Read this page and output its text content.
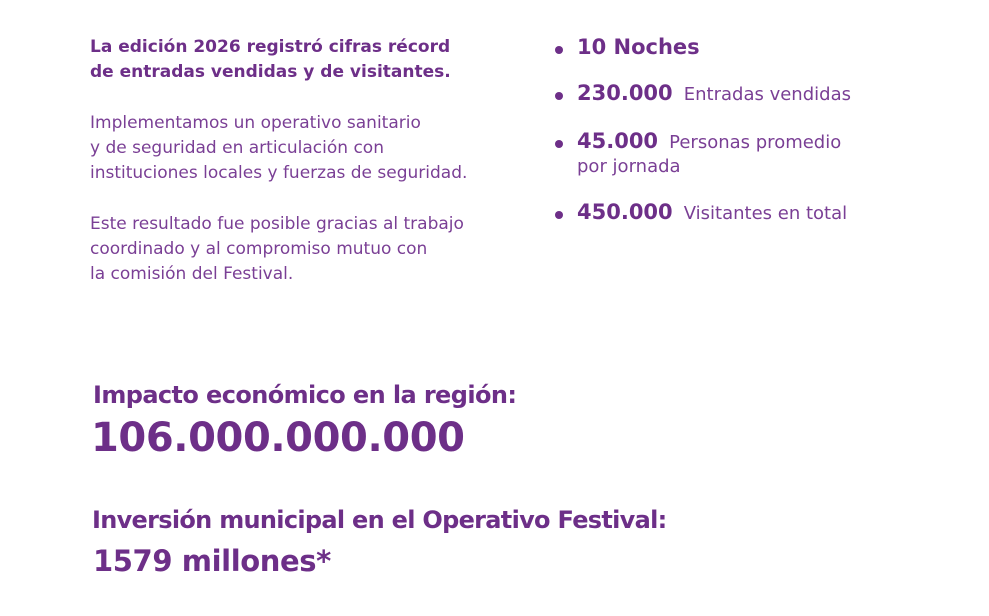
La edición 2026 registró cifras récord
de entradas vendidas y de visitantes.

Implementamos un operativo sanitario
y de seguridad en articulación con
instituciones locales y fuerzas de seguridad.

Este resultado fue posible gracias al trabajo
coordinado y al compromiso mutuo con
la comisión del Festival.

10 Noches
230.000 Entradas vendidas
45.000 Personas promedio
por jornada
450.000 Visitantes en total
Impacto económico en la región:
106.000.000.000
Inversión municipal en el Operativo Festival:
1579 millones*
